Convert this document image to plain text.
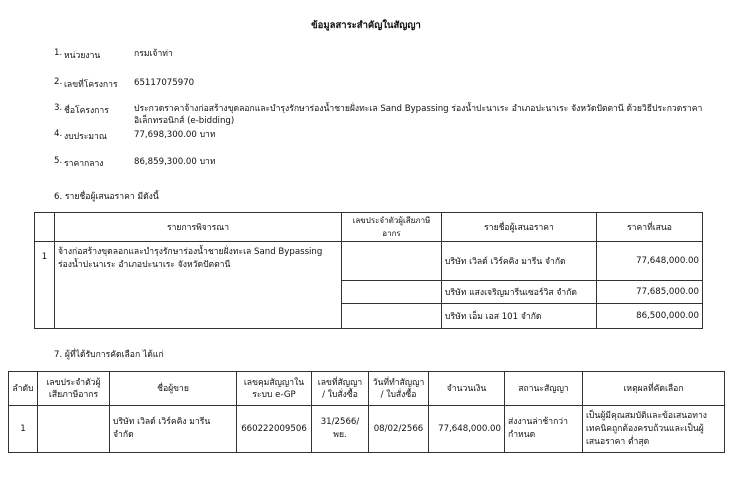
ข้อมูลสาระสำคัญในสัญญา
1. หน่วยงาน	กรมเจ้าท่า
2. เลขที่โครงการ 65117075970
3. ชื่อโครงการ	ประกวดราคาจ้างก่อสร้างขุดลอกและบำรุงรักษาร่องน้ำชายฝั่งทะเล Sand Bypassing ร่องน้ำปะนาเระ อำเภอปะนาเระ จังหวัดปัตตานี ด้วยวิธีประกวดราคาอิเล็กทรอนิกส์ (e-bidding)
4. งบประมาณ	77,698,300.00 บาท
5. ราคากลาง	86,859,300.00 บาท
6. รายชื่อผู้เสนอราคา มีดังนี้
	รายการพิจารณา	เลขประจำตัวผู้เสียภาษีอากร	รายชื่อผู้เสนอราคา	ราคาที่เสนอ
1	จ้างก่อสร้างขุดลอกและบำรุงรักษาร่องน้ำชายฝั่งทะเล Sand Bypassing ร่องน้ำปะนาเระ อำเภอปะนาเระ จังหวัดปัตตานี		บริษัท เวิลด์ เวิร์คคิง มารีน จำกัด	77,648,000.00
			บริษัท แสงเจริญมารีนเซอร์วิส จำกัด	77,685,000.00
			บริษัท เอ็ม เอส 101 จำกัด	86,500,000.00
7. ผู้ที่ได้รับการคัดเลือก ได้แก่
ลำดับ	เลขประจำตัวผู้เสียภาษีอากร	ชื่อผู้ขาย	เลขคุมสัญญาในระบบ e-GP	เลขที่สัญญา / ใบสั่งซื้อ	วันที่ทำสัญญา / ใบสั่งซื้อ	จำนวนเงิน	สถานะสัญญา	เหตุผลที่คัดเลือก
1		บริษัท เวิลด์ เวิร์คคิง มารีน จำกัด	660222009506	31/2566/พย.	08/02/2566	77,648,000.00	ส่งงานล่าช้ากว่ากำหนด	เป็นผู้มีคุณสมบัติและข้อเสนอทางเทคนิคถูกต้องครบถ้วนและเป็นผู้เสนอราคา ต่ำสุด
